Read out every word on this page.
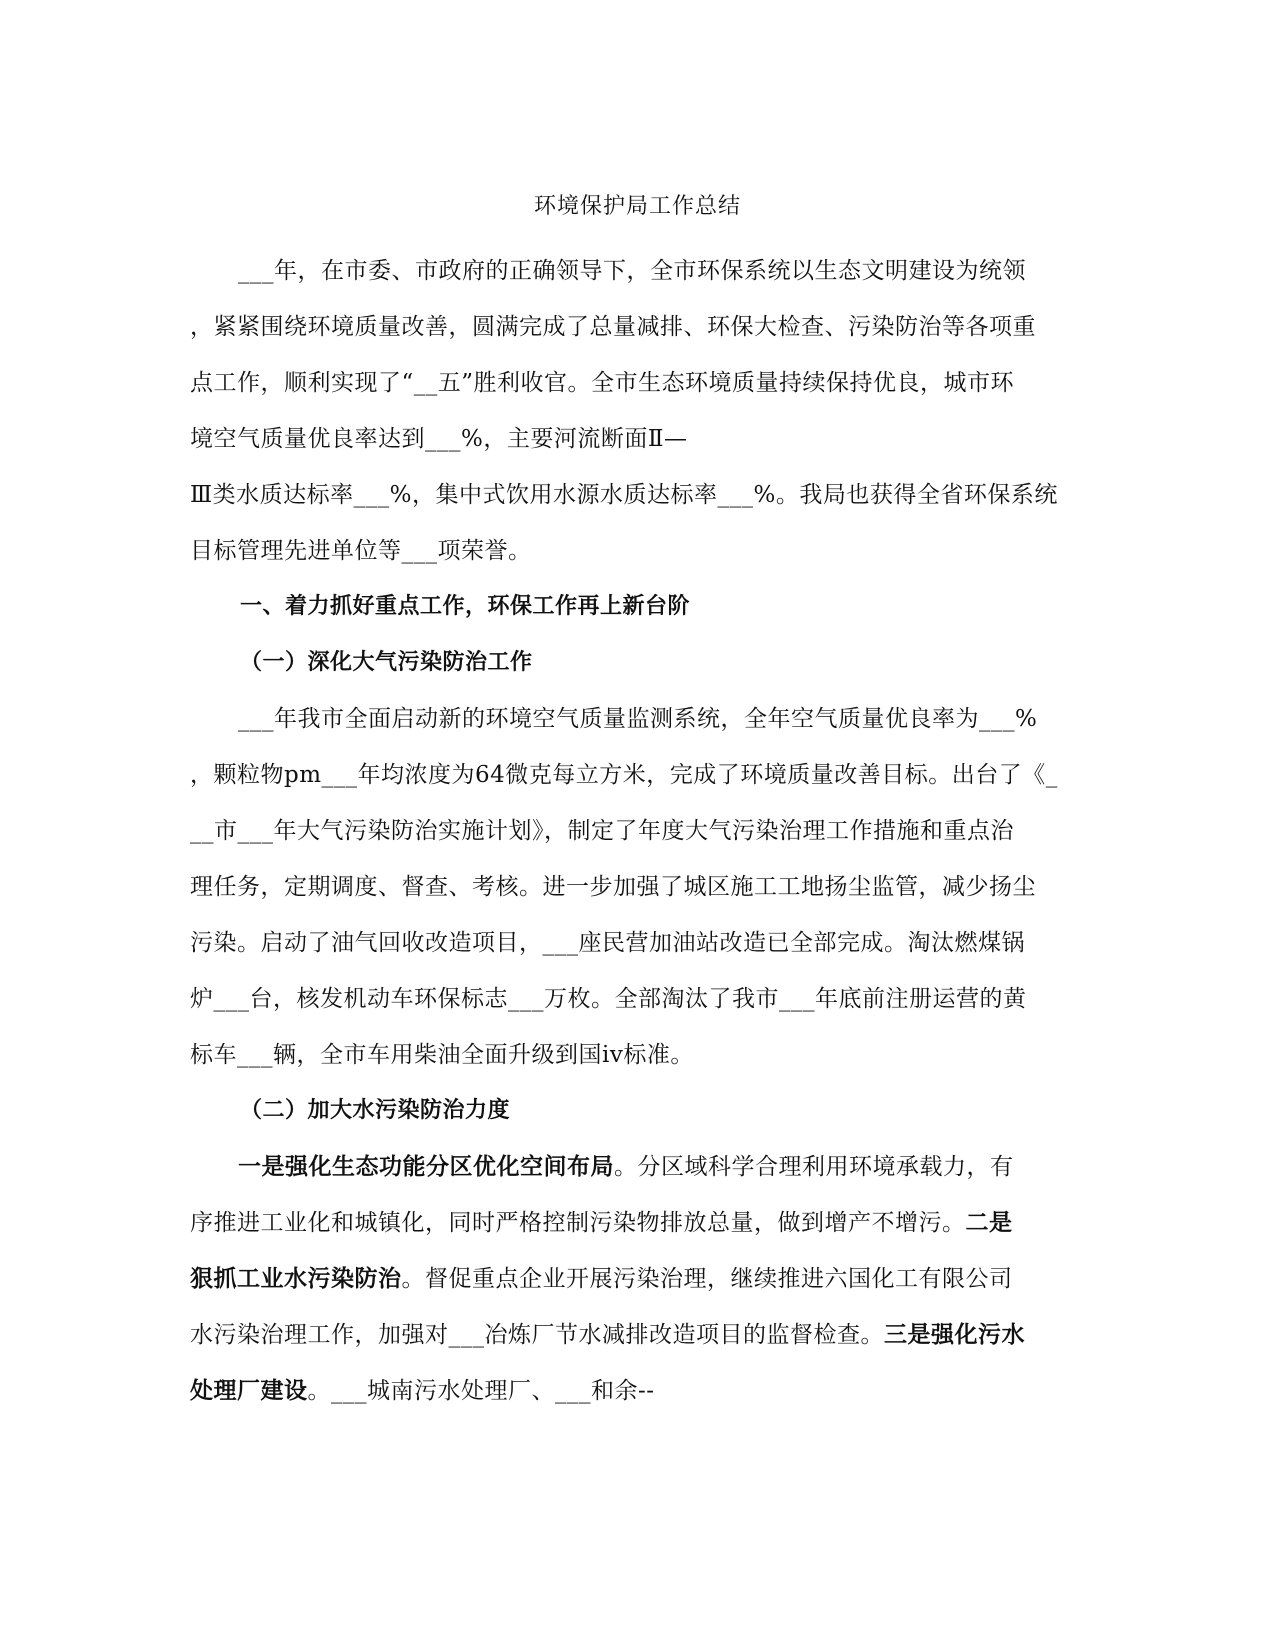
环境保护局工作总结
___年，在市委、市政府的正确领导下，全市环保系统以生态文明建设为统领
，紧紧围绕环境质量改善，圆满完成了总量减排、环保大检查、污染防治等各项重
点工作，顺利实现了“__五”胜利收官。全市生态环境质量持续保持优良，城市环
境空气质量优良率达到___%，主要河流断面Ⅱ—
Ⅲ类水质达标率___%，集中式饮用水源水质达标率___%。我局也获得全省环保系统
目标管理先进单位等___项荣誉。
一、着力抓好重点工作，环保工作再上新台阶
（一）深化大气污染防治工作
___年我市全面启动新的环境空气质量监测系统，全年空气质量优良率为___%
，颗粒物pm___年均浓度为64微克每立方米，完成了环境质量改善目标。出台了《_
__市___年大气污染防治实施计划》，制定了年度大气污染治理工作措施和重点治
理任务，定期调度、督查、考核。进一步加强了城区施工工地扬尘监管，减少扬尘
污染。启动了油气回收改造项目，___座民营加油站改造已全部完成。淘汰燃煤锅
炉___台，核发机动车环保标志___万枚。全部淘汰了我市___年底前注册运营的黄
标车___辆，全市车用柴油全面升级到国iv标准。
（二）加大水污染防治力度
一是强化生态功能分区优化空间布局。分区域科学合理利用环境承载力，有
序推进工业化和城镇化，同时严格控制污染物排放总量，做到增产不增污。二是
狠抓工业水污染防治。督促重点企业开展污染治理，继续推进六国化工有限公司
水污染治理工作，加强对___冶炼厂节水减排改造项目的监督检查。三是强化污水
处理厂建设。___城南污水处理厂、___和余--
